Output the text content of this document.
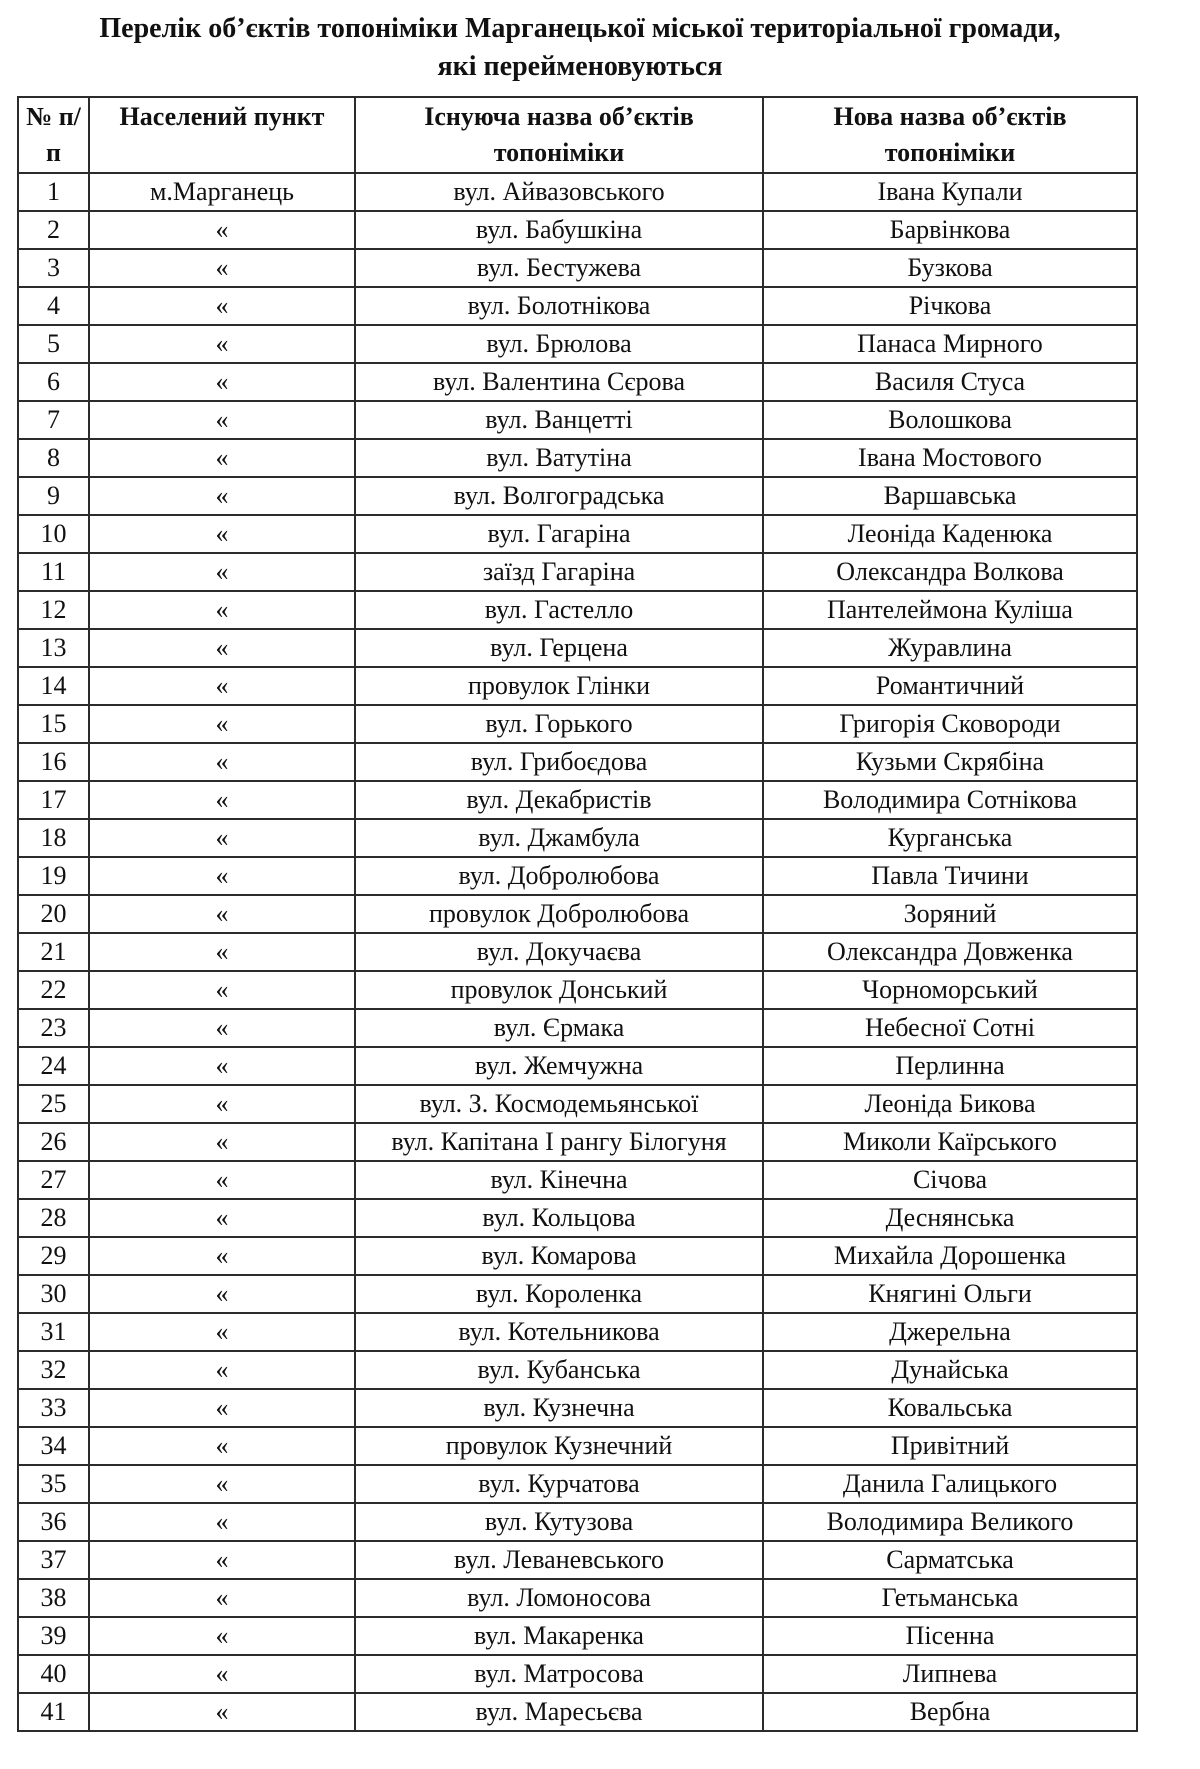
Перелік об’єктів топоніміки Марганецької міської територіальної громади,
які перейменовуються
№ п/п	Населений пункт	Існуюча назва об’єктів топоніміки	Нова назва об’єктів топоніміки
1	м.Марганець	вул. Айвазовського	Івана Купали
2	«	вул. Бабушкіна	Барвінкова
3	«	вул. Бестужева	Бузкова
4	«	вул. Болотнікова	Річкова
5	«	вул. Брюлова	Панаса Мирного
6	«	вул. Валентина Сєрова	Василя Стуса
7	«	вул. Ванцетті	Волошкова
8	«	вул. Ватутіна	Івана Мостового
9	«	вул. Волгоградська	Варшавська
10	«	вул. Гагаріна	Леоніда Каденюка
11	«	заїзд Гагаріна	Олександра Волкова
12	«	вул. Гастелло	Пантелеймона Куліша
13	«	вул. Герцена	Журавлина
14	«	провулок Глінки	Романтичний
15	«	вул. Горького	Григорія Сковороди
16	«	вул. Грибоєдова	Кузьми Скрябіна
17	«	вул. Декабристів	Володимира Сотнікова
18	«	вул. Джамбула	Курганська
19	«	вул. Добролюбова	Павла Тичини
20	«	провулок Добролюбова	Зоряний
21	«	вул. Докучаєва	Олександра Довженка
22	«	провулок Донський	Чорноморський
23	«	вул. Єрмака	Небесної Сотні
24	«	вул. Жемчужна	Перлинна
25	«	вул. З. Космодемьянської	Леоніда Бикова
26	«	вул. Капітана І рангу Білогуня	Миколи Каїрського
27	«	вул. Кінечна	Січова
28	«	вул. Кольцова	Деснянська
29	«	вул. Комарова	Михайла Дорошенка
30	«	вул. Короленка	Княгині Ольги
31	«	вул. Котельникова	Джерельна
32	«	вул. Кубанська	Дунайська
33	«	вул. Кузнечна	Ковальська
34	«	провулок Кузнечний	Привітний
35	«	вул. Курчатова	Данила Галицького
36	«	вул. Кутузова	Володимира Великого
37	«	вул. Леваневського	Сарматська
38	«	вул. Ломоносова	Гетьманська
39	«	вул. Макаренка	Пісенна
40	«	вул. Матросова	Липнева
41	«	вул. Маресьєва	Вербна
